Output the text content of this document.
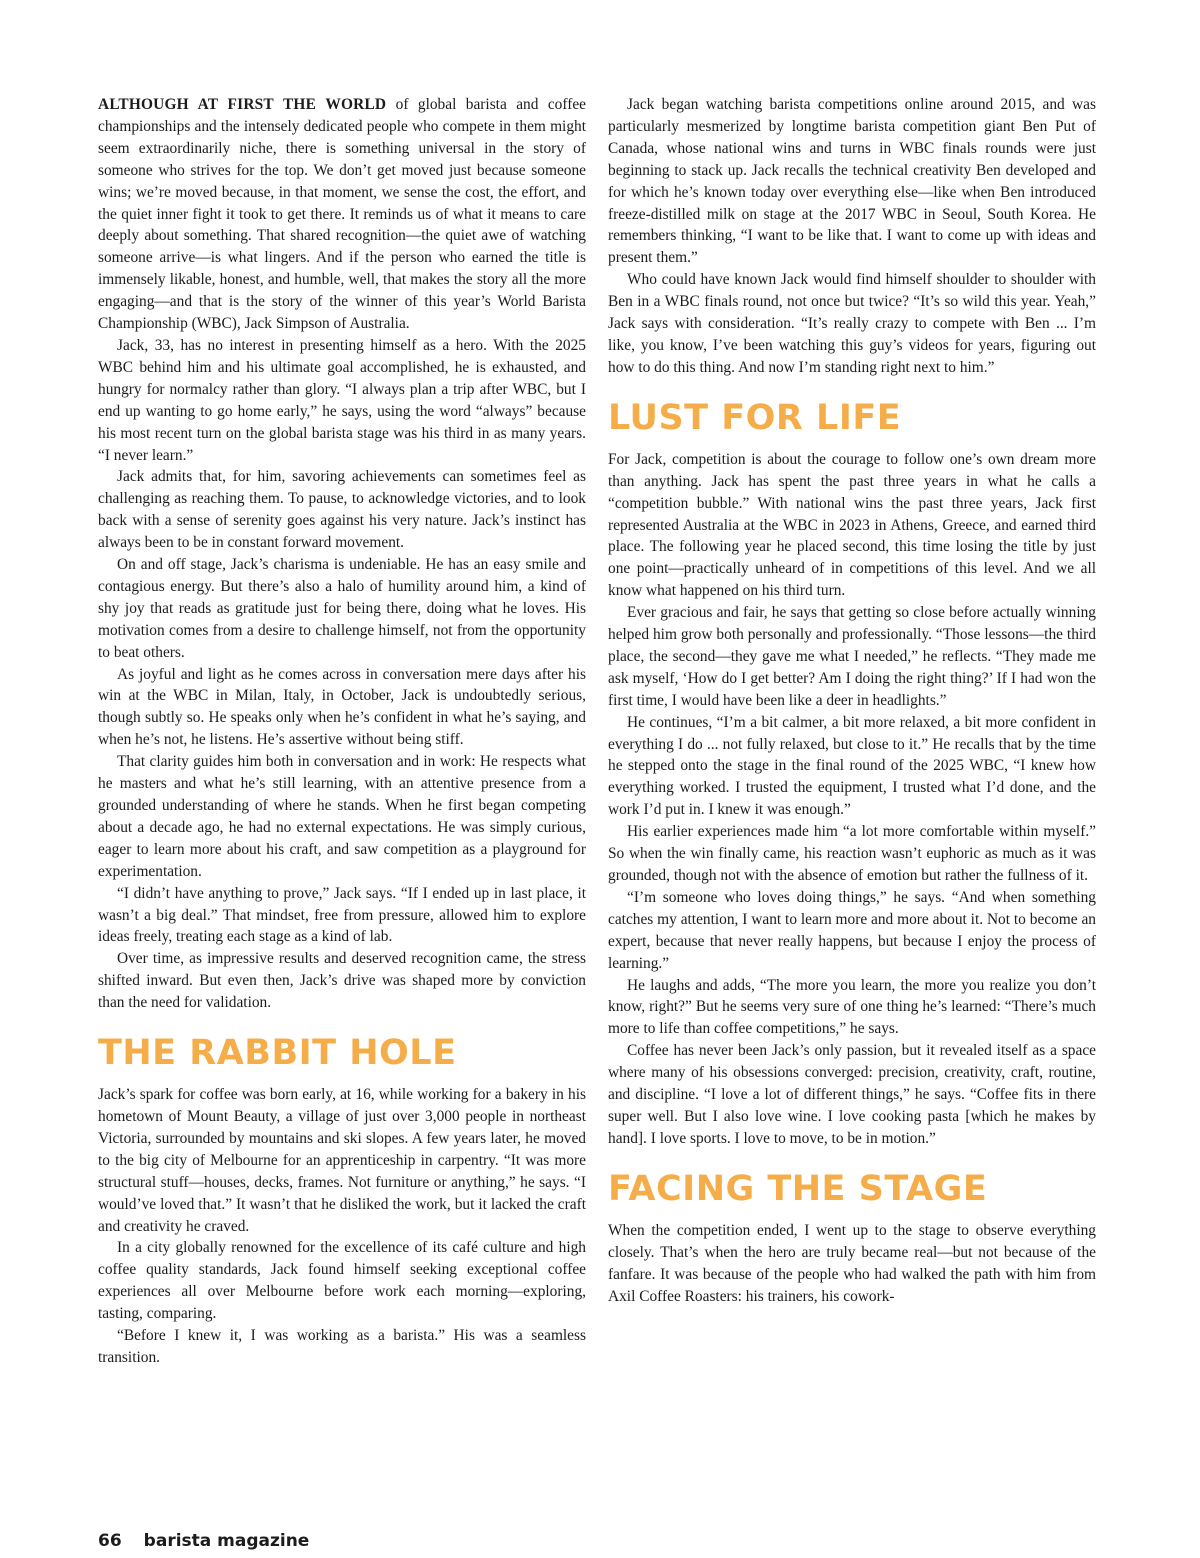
ALTHOUGH AT FIRST THE WORLD of global barista and coffee championships and the intensely dedicated people who compete in them might seem extraordinarily niche, there is something universal in the story of someone who strives for the top. We don’t get moved just because someone wins; we’re moved because, in that moment, we sense the cost, the effort, and the quiet inner fight it took to get there. It reminds us of what it means to care deeply about something. That shared recognition—the quiet awe of watching someone arrive—is what lingers. And if the person who earned the title is immensely likable, honest, and humble, well, that makes the story all the more engaging—and that is the story of the winner of this year’s World Barista Championship (WBC), Jack Simpson of Australia.

Jack, 33, has no interest in presenting himself as a hero. With the 2025 WBC behind him and his ultimate goal accomplished, he is exhausted, and hungry for normalcy rather than glory. “I always plan a trip after WBC, but I end up wanting to go home early,” he says, using the word “always” because his most recent turn on the global barista stage was his third in as many years. “I never learn.”

Jack admits that, for him, savoring achievements can sometimes feel as challenging as reaching them. To pause, to acknowledge victories, and to look back with a sense of serenity goes against his very nature. Jack’s instinct has always been to be in constant forward movement.

On and off stage, Jack’s charisma is undeniable. He has an easy smile and contagious energy. But there’s also a halo of humility around him, a kind of shy joy that reads as gratitude just for being there, doing what he loves. His motivation comes from a desire to challenge himself, not from the opportunity to beat others.

As joyful and light as he comes across in conversation mere days after his win at the WBC in Milan, Italy, in October, Jack is undoubtedly serious, though subtly so. He speaks only when he’s confident in what he’s saying, and when he’s not, he listens. He’s assertive without being stiff.

That clarity guides him both in conversation and in work: He respects what he masters and what he’s still learning, with an attentive presence from a grounded understanding of where he stands. When he first began competing about a decade ago, he had no external expectations. He was simply curious, eager to learn more about his craft, and saw competition as a playground for experimentation.

“I didn’t have anything to prove,” Jack says. “If I ended up in last place, it wasn’t a big deal.” That mindset, free from pressure, allowed him to explore ideas freely, treating each stage as a kind of lab.

Over time, as impressive results and deserved recognition came, the stress shifted inward. But even then, Jack’s drive was shaped more by conviction than the need for validation.

THE RABBIT HOLE

Jack’s spark for coffee was born early, at 16, while working for a bakery in his hometown of Mount Beauty, a village of just over 3,000 people in northeast Victoria, surrounded by mountains and ski slopes. A few years later, he moved to the big city of Melbourne for an apprenticeship in carpentry. “It was more structural stuff—houses, decks, frames. Not furniture or anything,” he says. “I would’ve loved that.” It wasn’t that he disliked the work, but it lacked the craft and creativity he craved.

In a city globally renowned for the excellence of its café culture and high coffee quality standards, Jack found himself seeking exceptional coffee experiences all over Melbourne before work each morning—exploring, tasting, comparing.

“Before I knew it, I was working as a barista.” His was a seamless transition.

Jack began watching barista competitions online around 2015, and was particularly mesmerized by longtime barista competition giant Ben Put of Canada, whose national wins and turns in WBC finals rounds were just beginning to stack up. Jack recalls the technical creativity Ben developed and for which he’s known today over everything else—like when Ben introduced freeze-distilled milk on stage at the 2017 WBC in Seoul, South Korea. He remembers thinking, “I want to be like that. I want to come up with ideas and present them.”

Who could have known Jack would find himself shoulder to shoulder with Ben in a WBC finals round, not once but twice? “It’s so wild this year. Yeah,” Jack says with consideration. “It’s really crazy to compete with Ben ... I’m like, you know, I’ve been watching this guy’s videos for years, figuring out how to do this thing. And now I’m standing right next to him.”

LUST FOR LIFE

For Jack, competition is about the courage to follow one’s own dream more than anything. Jack has spent the past three years in what he calls a “competition bubble.” With national wins the past three years, Jack first represented Australia at the WBC in 2023 in Athens, Greece, and earned third place. The following year he placed second, this time losing the title by just one point—practically unheard of in competitions of this level. And we all know what happened on his third turn.

Ever gracious and fair, he says that getting so close before actually winning helped him grow both personally and professionally. “Those lessons—the third place, the second—they gave me what I needed,” he reflects. “They made me ask myself, ‘How do I get better? Am I doing the right thing?’ If I had won the first time, I would have been like a deer in headlights.”

He continues, “I’m a bit calmer, a bit more relaxed, a bit more confident in everything I do ... not fully relaxed, but close to it.” He recalls that by the time he stepped onto the stage in the final round of the 2025 WBC, “I knew how everything worked. I trusted the equipment, I trusted what I’d done, and the work I’d put in. I knew it was enough.”

His earlier experiences made him “a lot more comfortable within myself.” So when the win finally came, his reaction wasn’t euphoric as much as it was grounded, though not with the absence of emotion but rather the fullness of it.

“I’m someone who loves doing things,” he says. “And when something catches my attention, I want to learn more and more about it. Not to become an expert, because that never really happens, but because I enjoy the process of learning.”

He laughs and adds, “The more you learn, the more you realize you don’t know, right?” But he seems very sure of one thing he’s learned: “There’s much more to life than coffee competitions,” he says.

Coffee has never been Jack’s only passion, but it revealed itself as a space where many of his obsessions converged: precision, creativity, craft, routine, and discipline. “I love a lot of different things,” he says. “Coffee fits in there super well. But I also love wine. I love cooking pasta [which he makes by hand]. I love sports. I love to move, to be in motion.”

FACING THE STAGE

When the competition ended, I went up to the stage to observe everything closely. That’s when the hero are truly became real—but not because of the fanfare. It was because of the people who had walked the path with him from Axil Coffee Roasters: his trainers, his cowork-

66 barista magazine
